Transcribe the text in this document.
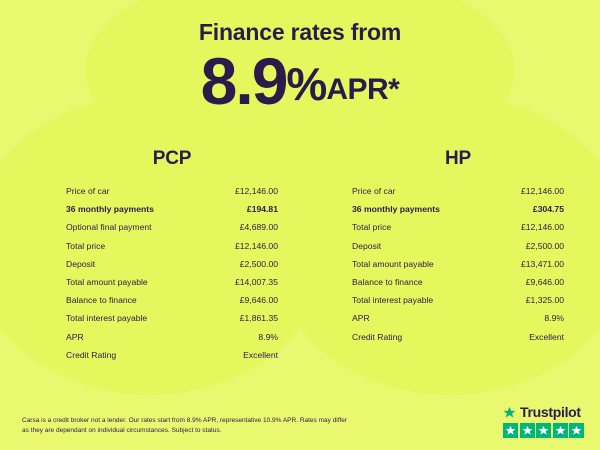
Finance rates from
8.9%APR*
PCP
Price of car	£12,146.00
36 monthly payments	£194.81
Optional final payment	£4,689.00
Total price	£12,146.00
Deposit	£2,500.00
Total amount payable	£14,007.35
Balance to finance	£9,646.00
Total interest payable	£1,861.35
APR	8.9%
Credit Rating	Excellent
HP
Price of car	£12,146.00
36 monthly payments	£304.75
Total price	£12,146.00
Deposit	£2,500.00
Total amount payable	£13,471.00
Balance to finance	£9,646.00
Total interest payable	£1,325.00
APR	8.9%
Credit Rating	Excellent
Carsa is a credit broker not a lender. Our rates start from 8.9% APR, representative 10.9% APR. Rates may differ as they are dependant on individual circumstances. Subject to status.
Trustpilot
